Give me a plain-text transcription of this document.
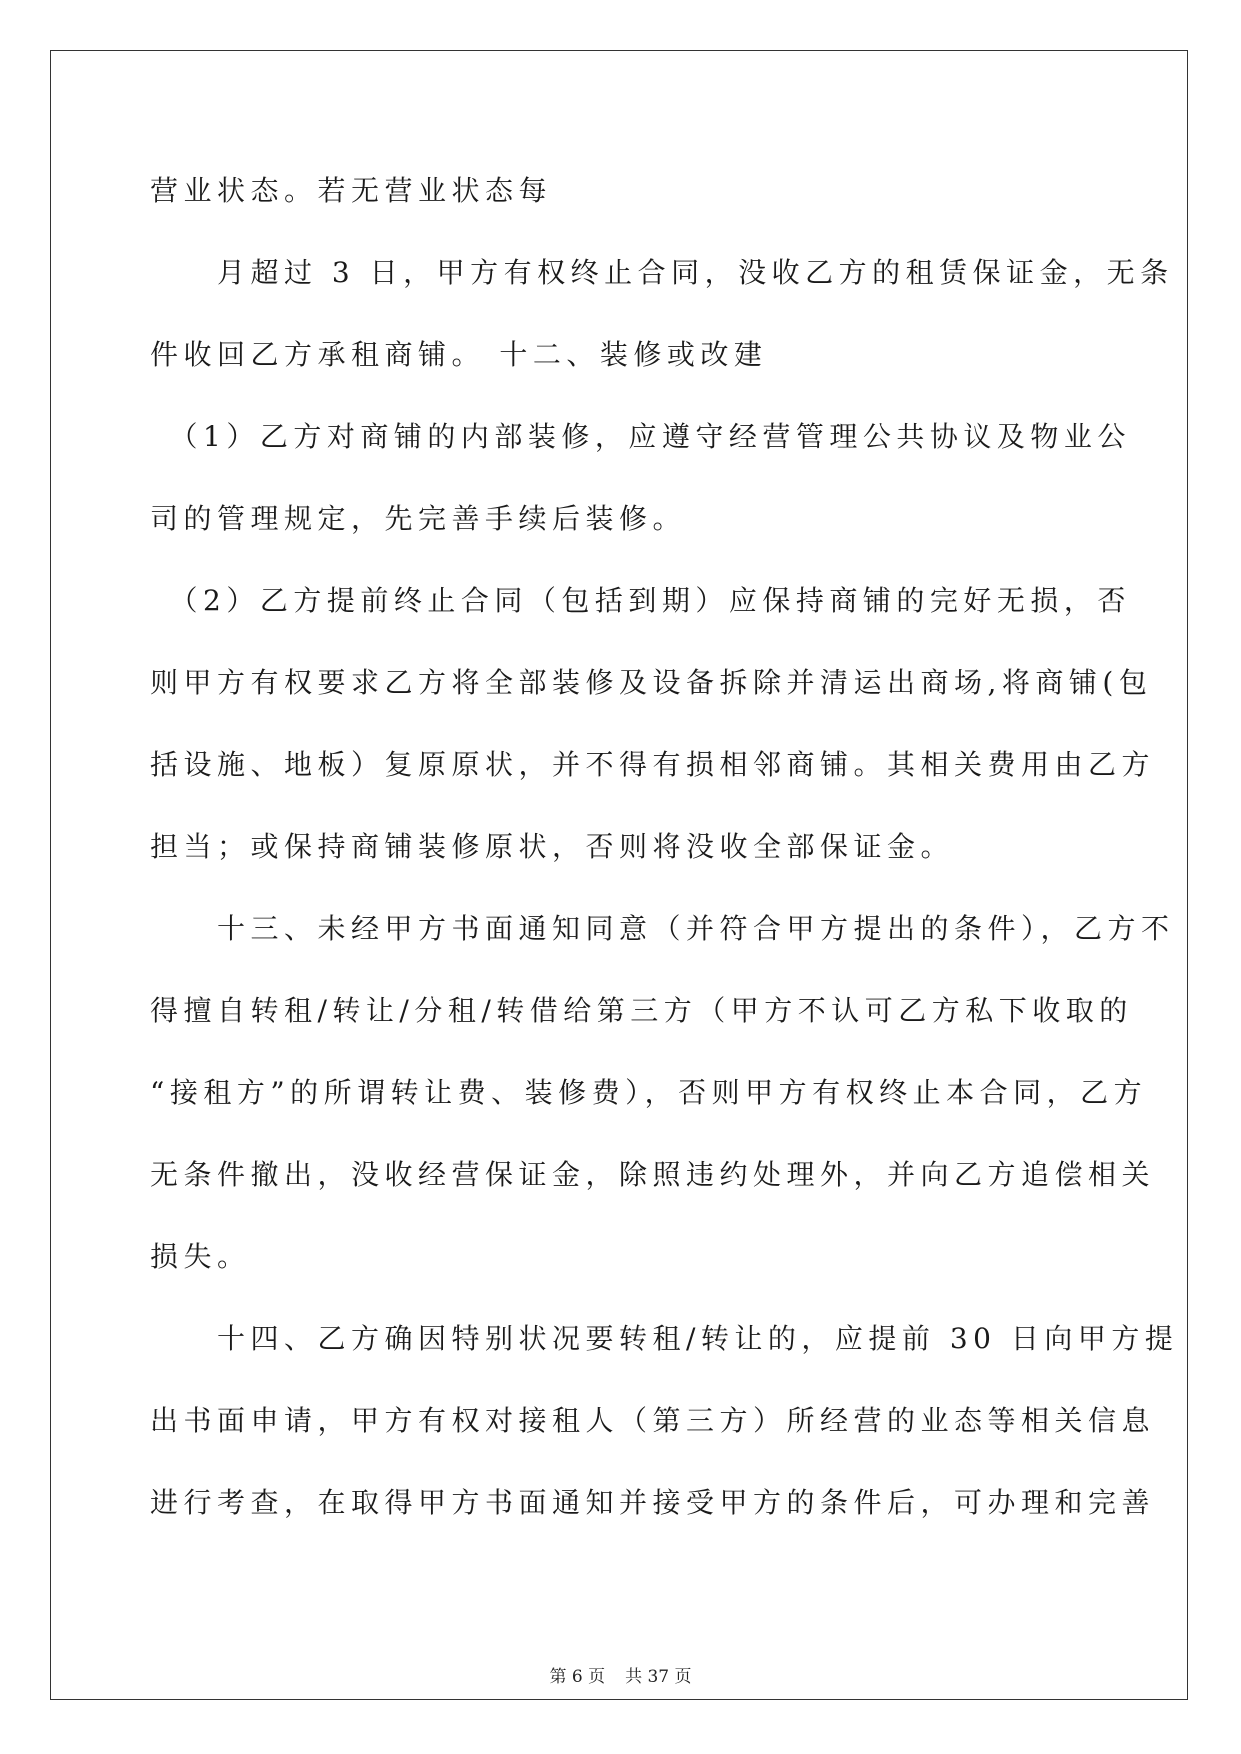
营业状态。若无营业状态每

　　月超过 3 日，甲方有权终止合同，没收乙方的租赁保证金，无条

件收回乙方承租商铺。 十二、装修或改建

　（1）乙方对商铺的内部装修，应遵守经营管理公共协议及物业公

司的管理规定，先完善手续后装修。

　（2）乙方提前终止合同（包括到期）应保持商铺的完好无损，否

则甲方有权要求乙方将全部装修及设备拆除并清运出商场,将商铺(包

括设施、地板）复原原状，并不得有损相邻商铺。其相关费用由乙方

担当；或保持商铺装修原状，否则将没收全部保证金。

　　十三、未经甲方书面通知同意（并符合甲方提出的条件），乙方不

得擅自转租/转让/分租/转借给第三方（甲方不认可乙方私下收取的

“接租方”的所谓转让费、装修费），否则甲方有权终止本合同，乙方

无条件撤出，没收经营保证金，除照违约处理外，并向乙方追偿相关

损失。

　　十四、乙方确因特别状况要转租/转让的，应提前 30 日向甲方提

出书面申请，甲方有权对接租人（第三方）所经营的业态等相关信息

进行考查，在取得甲方书面通知并接受甲方的条件后，可办理和完善

第 6 页 共 37 页
